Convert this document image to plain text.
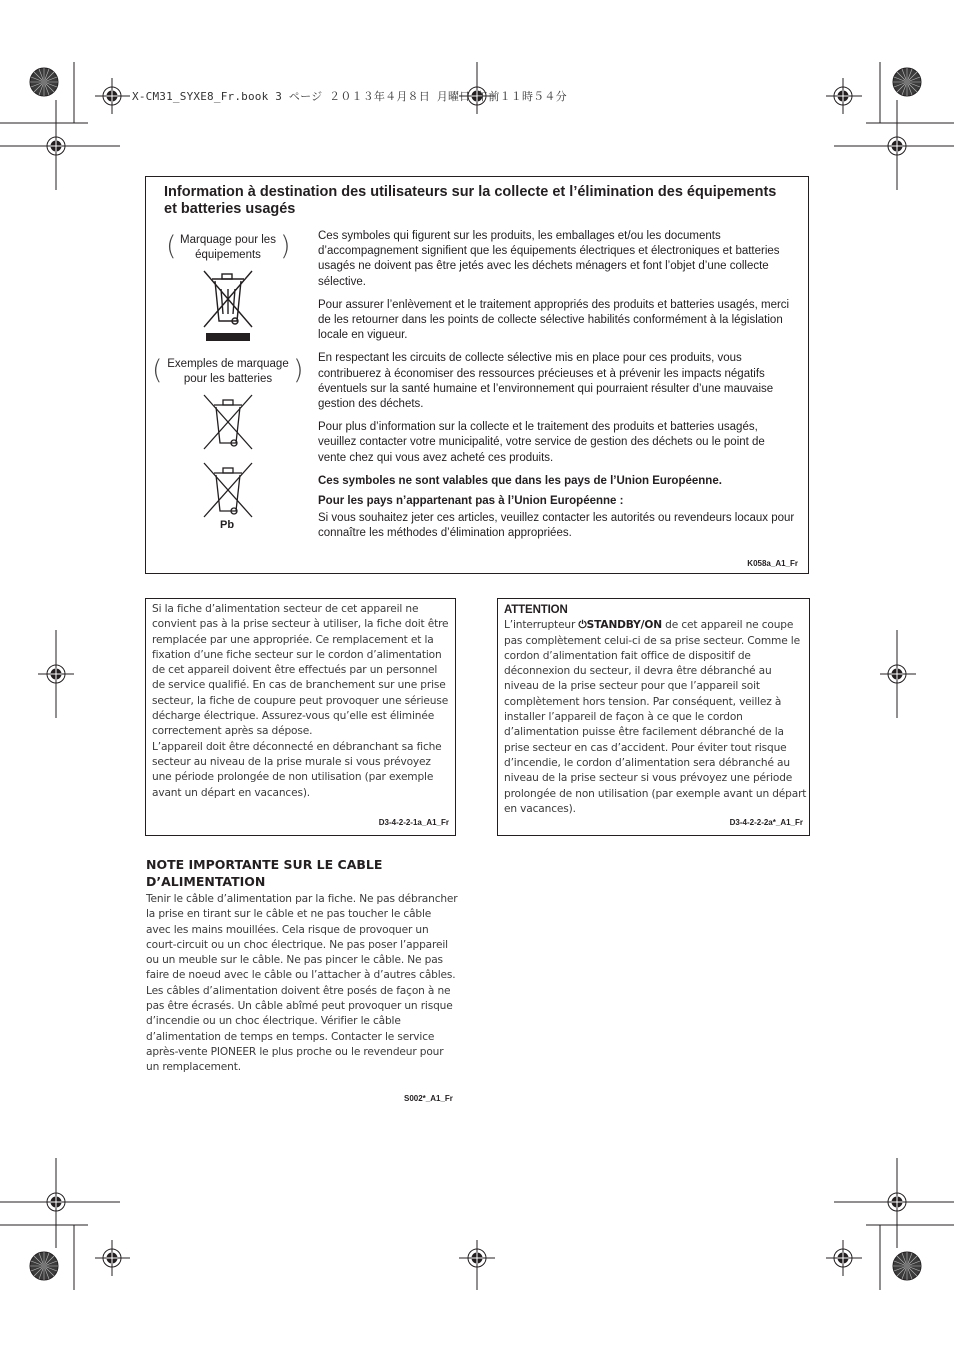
X-CM31_SYXE8_Fr.book 3 ページ ２０１３年４月８日 月曜日 午前１１時５４分
Information à destination des utilisateurs sur la collecte et l’élimination des équipements et batteries usagés
( Marquage pour les
équipements )
( Exemples de marquage
pour les batteries )
Pb

Ces symboles qui figurent sur les produits, les emballages et/ou les documents d’accompagnement signifient que les équipements électriques et électroniques et batteries usagés ne doivent pas être jetés avec les déchets ménagers et font l’objet d’une collecte sélective.

Pour assurer l’enlèvement et le traitement appropriés des produits et batteries usagés, merci de les retourner dans les points de collecte sélective habilités conformément à la législation locale en vigueur.

En respectant les circuits de collecte sélective mis en place pour ces produits, vous contribuerez à économiser des ressources précieuses et à prévenir les impacts négatifs éventuels sur la santé humaine et l’environnement qui pourraient résulter d’une mauvaise gestion des déchets.

Pour plus d’information sur la collecte et le traitement des produits et batteries usagés, veuillez contacter votre municipalité, votre service de gestion des déchets ou le point de vente chez qui vous avez acheté ces produits.

Ces symboles ne sont valables que dans les pays de l’Union Européenne.

Pour les pays n’appartenant pas à l’Union Européenne :

Si vous souhaitez jeter ces articles, veuillez contacter les autorités ou revendeurs locaux pour connaître les méthodes d’élimination appropriées.

K058a_A1_Fr
Si la fiche d’alimentation secteur de cet appareil ne convient pas à la prise secteur à utiliser, la fiche doit être remplacée par une appropriée. Ce remplacement et la fixation d’une fiche secteur sur le cordon d’alimentation de cet appareil doivent être effectués par un personnel de service qualifié. En cas de branchement sur une prise secteur, la fiche de coupure peut provoquer une sérieuse décharge électrique. Assurez-vous qu’elle est éliminée correctement après sa dépose.
L’appareil doit être déconnecté en débranchant sa fiche secteur au niveau de la prise murale si vous prévoyez une période prolongée de non utilisation (par exemple avant un départ en vacances).
D3-4-2-2-1a_A1_Fr
ATTENTION
L’interrupteur ⏻STANDBY/ON de cet appareil ne coupe pas complètement celui-ci de sa prise secteur. Comme le cordon d’alimentation fait office de dispositif de déconnexion du secteur, il devra être débranché au niveau de la prise secteur pour que l’appareil soit complètement hors tension. Par conséquent, veillez à installer l’appareil de façon à ce que le cordon d’alimentation puisse être facilement débranché de la prise secteur en cas d’accident. Pour éviter tout risque d’incendie, le cordon d’alimentation sera débranché au niveau de la prise secteur si vous prévoyez une période prolongée de non utilisation (par exemple avant un départ en vacances).
D3-4-2-2-2a*_A1_Fr
NOTE IMPORTANTE SUR LE CABLE D’ALIMENTATION
Tenir le câble d’alimentation par la fiche. Ne pas débrancher la prise en tirant sur le câble et ne pas toucher le câble avec les mains mouillées. Cela risque de provoquer un court-circuit ou un choc électrique. Ne pas poser l’appareil ou un meuble sur le câble. Ne pas pincer le câble. Ne pas faire de noeud avec le câble ou l’attacher à d’autres câbles. Les câbles d’alimentation doivent être posés de façon à ne pas être écrasés. Un câble abîmé peut provoquer un risque d’incendie ou un choc électrique. Vérifier le câble d’alimentation de temps en temps. Contacter le service après-vente PIONEER le plus proche ou le revendeur pour un remplacement.
S002*_A1_Fr
